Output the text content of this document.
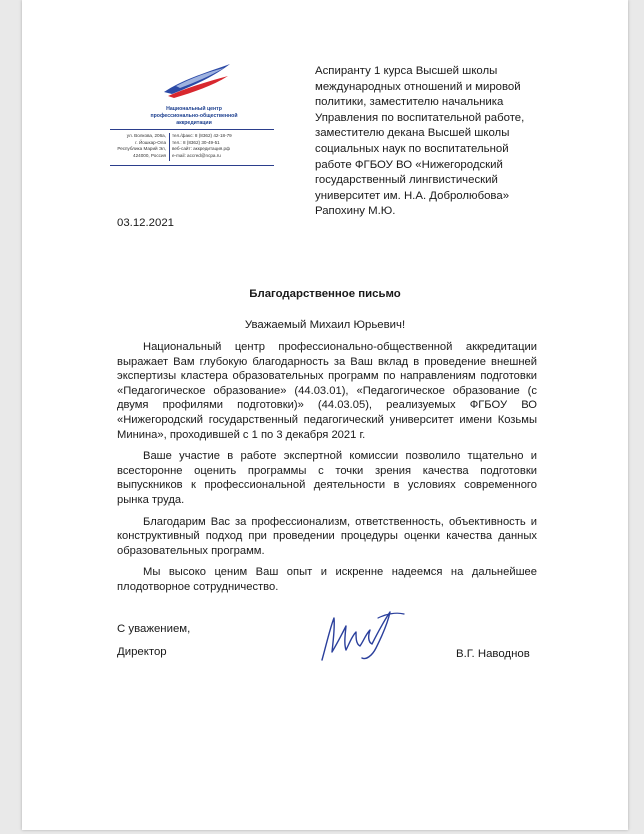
Национальный центр
профессионально-общественной
аккредитации
ул. Волкова, 206а,
г. Йошкар-Ола
Республика Марий Эл,
424000, Россия
тел./факс: 8 (8362) 42-18-79
тел.: 8 (8362) 30-49-51
веб-сайт: аккредитация.рф
e-mail: accred@ncpa.ru
Аспиранту 1 курса Высшей школы
международных отношений и мировой
политики, заместителю начальника
Управления по воспитательной работе,
заместителю декана Высшей школы
социальных наук по воспитательной
работе ФГБОУ ВО «Нижегородский
государственный лингвистический
университет им. Н.А. Добролюбова»
Рапохину М.Ю.
03.12.2021
Благодарственное письмо
Уважаемый Михаил Юрьевич!

Национальный центр профессионально-общественной аккредитации выражает Вам глубокую благодарность за Ваш вклад в проведение внешней экспертизы кластера образовательных программ по направлениям подготовки «Педагогическое образование» (44.03.01), «Педагогическое образование (с двумя профилями подготовки)» (44.03.05), реализуемых ФГБОУ ВО «Нижегородский государственный педагогический университет имени Козьмы Минина», проходившей с 1 по 3 декабря 2021 г.

Ваше участие в работе экспертной комиссии позволило тщательно и всесторонне оценить программы с точки зрения качества подготовки выпускников к профессиональной деятельности в условиях современного рынка труда.

Благодарим Вас за профессионализм, ответственность, объективность и конструктивный подход при проведении процедуры оценки качества данных образовательных программ.

Мы высоко ценим Ваш опыт и искренне надеемся на дальнейшее плодотворное сотрудничество.

С уважением,
Директор	В.Г. Наводнов
